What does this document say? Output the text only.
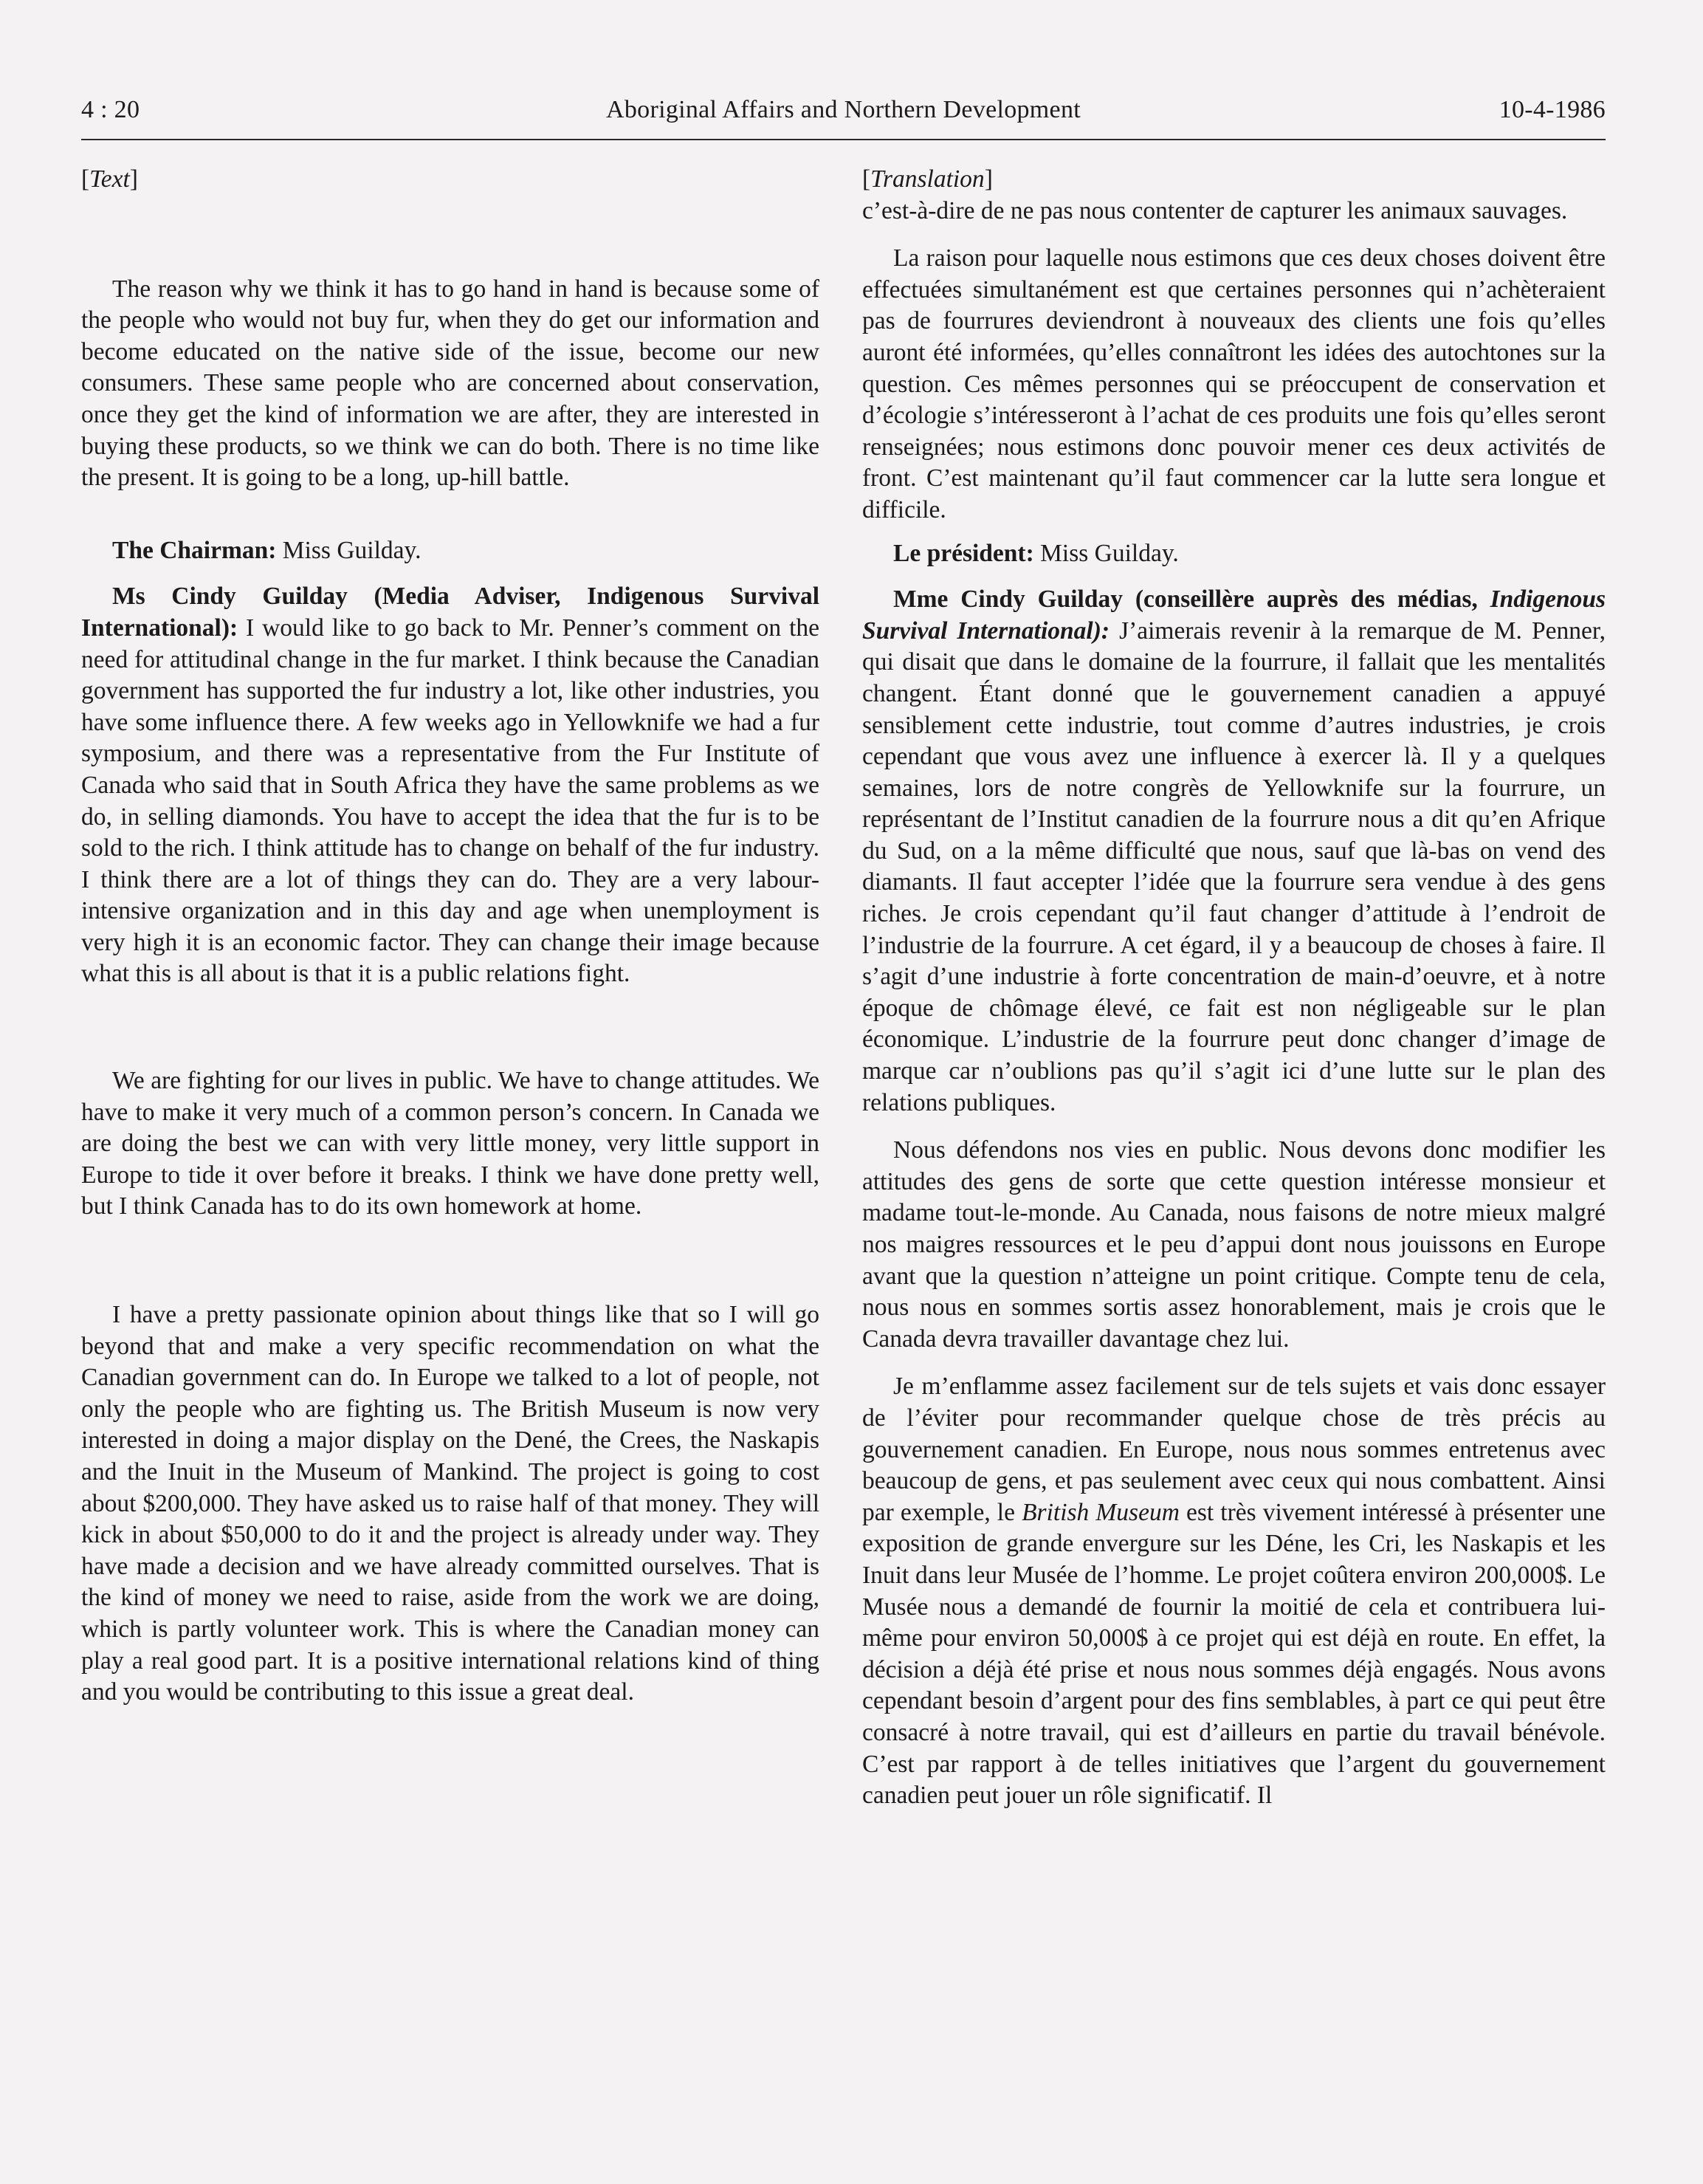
4 : 20	Aboriginal Affairs and Northern Development	10-4-1986

[Text]

The reason why we think it has to go hand in hand is because some of the people who would not buy fur, when they do get our information and become educated on the native side of the issue, become our new consumers. These same people who are concerned about conservation, once they get the kind of information we are after, they are interested in buying these products, so we think we can do both. There is no time like the present. It is going to be a long, up-hill battle.

The Chairman: Miss Guilday.

Ms Cindy Guilday (Media Adviser, Indigenous Survival International): I would like to go back to Mr. Penner’s comment on the need for attitudinal change in the fur market. I think because the Canadian government has supported the fur industry a lot, like other industries, you have some influence there. A few weeks ago in Yellowknife we had a fur symposium, and there was a representative from the Fur Institute of Canada who said that in South Africa they have the same problems as we do, in selling diamonds. You have to accept the idea that the fur is to be sold to the rich. I think attitude has to change on behalf of the fur industry. I think there are a lot of things they can do. They are a very labour-intensive organization and in this day and age when unemployment is very high it is an economic factor. They can change their image because what this is all about is that it is a public relations fight.

We are fighting for our lives in public. We have to change attitudes. We have to make it very much of a common person’s concern. In Canada we are doing the best we can with very little money, very little support in Europe to tide it over before it breaks. I think we have done pretty well, but I think Canada has to do its own homework at home.

I have a pretty passionate opinion about things like that so I will go beyond that and make a very specific recommendation on what the Canadian government can do. In Europe we talked to a lot of people, not only the people who are fighting us. The British Museum is now very interested in doing a major display on the Dené, the Crees, the Naskapis and the Inuit in the Museum of Mankind. The project is going to cost about $200,000. They have asked us to raise half of that money. They will kick in about $50,000 to do it and the project is already under way. They have made a decision and we have already committed ourselves. That is the kind of money we need to raise, aside from the work we are doing, which is partly volunteer work. This is where the Canadian money can play a real good part. It is a positive international relations kind of thing and you would be contributing to this issue a great deal.

[Translation]

c’est-à-dire de ne pas nous contenter de capturer les animaux sauvages.

La raison pour laquelle nous estimons que ces deux choses doivent être effectuées simultanément est que certaines personnes qui n’achèteraient pas de fourrures deviendront à nouveaux des clients une fois qu’elles auront été informées, qu’elles connaîtront les idées des autochtones sur la question. Ces mêmes personnes qui se préoccupent de conservation et d’écologie s’intéresseront à l’achat de ces produits une fois qu’elles seront renseignées; nous estimons donc pouvoir mener ces deux activités de front. C’est maintenant qu’il faut commencer car la lutte sera longue et difficile.

Le président: Miss Guilday.

Mme Cindy Guilday (conseillère auprès des médias, Indigenous Survival International): J’aimerais revenir à la remarque de M. Penner, qui disait que dans le domaine de la fourrure, il fallait que les mentalités changent. Étant donné que le gouvernement canadien a appuyé sensiblement cette industrie, tout comme d’autres industries, je crois cependant que vous avez une influence à exercer là. Il y a quelques semaines, lors de notre congrès de Yellowknife sur la fourrure, un représentant de l’Institut canadien de la fourrure nous a dit qu’en Afrique du Sud, on a la même difficulté que nous, sauf que là-bas on vend des diamants. Il faut accepter l’idée que la fourrure sera vendue à des gens riches. Je crois cependant qu’il faut changer d’attitude à l’endroit de l’industrie de la fourrure. A cet égard, il y a beaucoup de choses à faire. Il s’agit d’une industrie à forte concentration de main-d’oeuvre, et à notre époque de chômage élevé, ce fait est non négligeable sur le plan économique. L’industrie de la fourrure peut donc changer d’image de marque car n’oublions pas qu’il s’agit ici d’une lutte sur le plan des relations publiques.

Nous défendons nos vies en public. Nous devons donc modifier les attitudes des gens de sorte que cette question intéresse monsieur et madame tout-le-monde. Au Canada, nous faisons de notre mieux malgré nos maigres ressources et le peu d’appui dont nous jouissons en Europe avant que la question n’atteigne un point critique. Compte tenu de cela, nous nous en sommes sortis assez honorablement, mais je crois que le Canada devra travailler davantage chez lui.

Je m’enflamme assez facilement sur de tels sujets et vais donc essayer de l’éviter pour recommander quelque chose de très précis au gouvernement canadien. En Europe, nous nous sommes entretenus avec beaucoup de gens, et pas seulement avec ceux qui nous combattent. Ainsi par exemple, le British Museum est très vivement intéressé à présenter une exposition de grande envergure sur les Déne, les Cri, les Naskapis et les Inuit dans leur Musée de l’homme. Le projet coûtera environ 200,000$. Le Musée nous a demandé de fournir la moitié de cela et contribuera lui-même pour environ 50,000$ à ce projet qui est déjà en route. En effet, la décision a déjà été prise et nous nous sommes déjà engagés. Nous avons cependant besoin d’argent pour des fins semblables, à part ce qui peut être consacré à notre travail, qui est d’ailleurs en partie du travail bénévole. C’est par rapport à de telles initiatives que l’argent du gouvernement canadien peut jouer un rôle significatif. Il
